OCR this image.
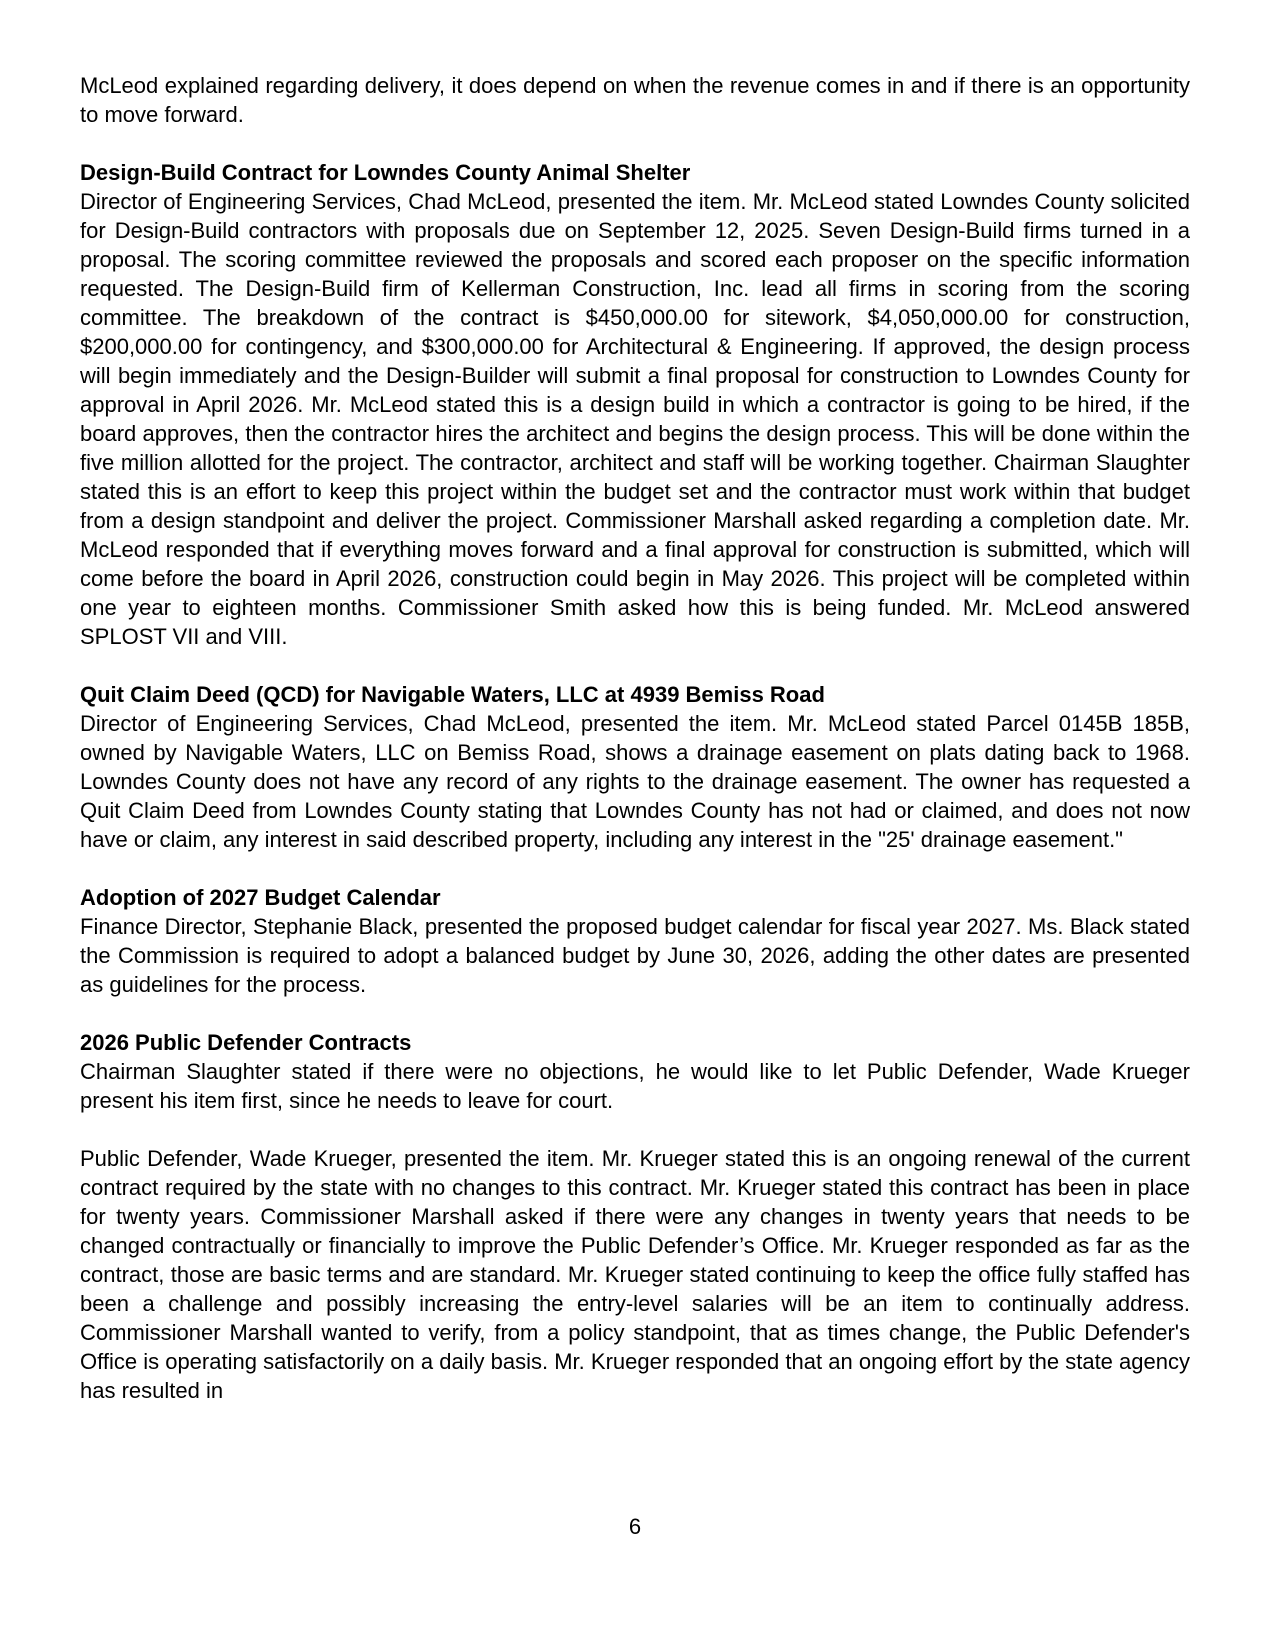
McLeod explained regarding delivery, it does depend on when the revenue comes in and if there is an opportunity to move forward.

Design-Build Contract for Lowndes County Animal Shelter

Director of Engineering Services, Chad McLeod, presented the item. Mr. McLeod stated Lowndes County solicited for Design-Build contractors with proposals due on September 12, 2025. Seven Design-Build firms turned in a proposal. The scoring committee reviewed the proposals and scored each proposer on the specific information requested. The Design-Build firm of Kellerman Construction, Inc. lead all firms in scoring from the scoring committee. The breakdown of the contract is $450,000.00 for sitework, $4,050,000.00 for construction, $200,000.00 for contingency, and $300,000.00 for Architectural & Engineering. If approved, the design process will begin immediately and the Design-Builder will submit a final proposal for construction to Lowndes County for approval in April 2026. Mr. McLeod stated this is a design build in which a contractor is going to be hired, if the board approves, then the contractor hires the architect and begins the design process. This will be done within the five million allotted for the project. The contractor, architect and staff will be working together. Chairman Slaughter stated this is an effort to keep this project within the budget set and the contractor must work within that budget from a design standpoint and deliver the project. Commissioner Marshall asked regarding a completion date. Mr. McLeod responded that if everything moves forward and a final approval for construction is submitted, which will come before the board in April 2026, construction could begin in May 2026. This project will be completed within one year to eighteen months. Commissioner Smith asked how this is being funded. Mr. McLeod answered SPLOST VII and VIII.

Quit Claim Deed (QCD) for Navigable Waters, LLC at 4939 Bemiss Road

Director of Engineering Services, Chad McLeod, presented the item. Mr. McLeod stated Parcel 0145B 185B, owned by Navigable Waters, LLC on Bemiss Road, shows a drainage easement on plats dating back to 1968. Lowndes County does not have any record of any rights to the drainage easement. The owner has requested a Quit Claim Deed from Lowndes County stating that Lowndes County has not had or claimed, and does not now have or claim, any interest in said described property, including any interest in the "25' drainage easement."

Adoption of 2027 Budget Calendar

Finance Director, Stephanie Black, presented the proposed budget calendar for fiscal year 2027. Ms. Black stated the Commission is required to adopt a balanced budget by June 30, 2026, adding the other dates are presented as guidelines for the process.

2026 Public Defender Contracts

Chairman Slaughter stated if there were no objections, he would like to let Public Defender, Wade Krueger present his item first, since he needs to leave for court.

Public Defender, Wade Krueger, presented the item. Mr. Krueger stated this is an ongoing renewal of the current contract required by the state with no changes to this contract. Mr. Krueger stated this contract has been in place for twenty years. Commissioner Marshall asked if there were any changes in twenty years that needs to be changed contractually or financially to improve the Public Defender’s Office. Mr. Krueger responded as far as the contract, those are basic terms and are standard. Mr. Krueger stated continuing to keep the office fully staffed has been a challenge and possibly increasing the entry-level salaries will be an item to continually address. Commissioner Marshall wanted to verify, from a policy standpoint, that as times change, the Public Defender's Office is operating satisfactorily on a daily basis. Mr. Krueger responded that an ongoing effort by the state agency has resulted in

6
